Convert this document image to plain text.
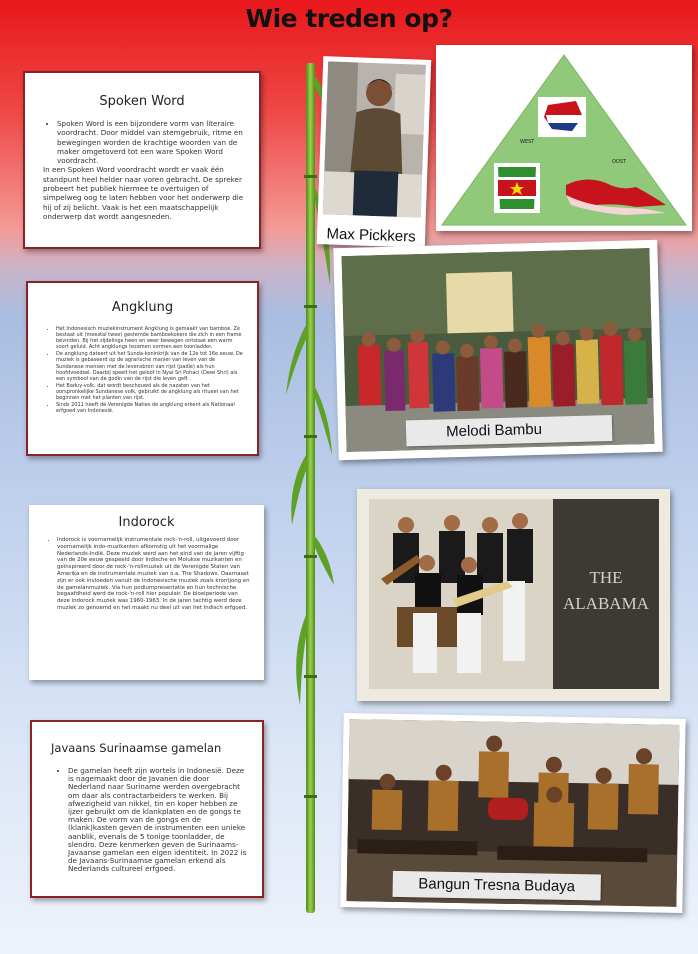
Wie treden op?
Spoken Word
• Spoken Word is een bijzondere vorm van literaire voordracht. Door middel van stemgebruik, ritme en bewegingen worden de krachtige woorden van de maker omgetoverd tot een ware Spoken Word voordracht.

In een Spoken Word voordracht wordt er vaak één standpunt heel helder naar voren gebracht. De spreker probeert het publiek hiermee te overtuigen of simpelweg oog te laten hebben voor het onderwerp die hij of zij belicht. Vaak is het een maatschappelijk onderwerp dat wordt aangesneden.

Angklung
• Het Indonesisch muziekinstrument Angklung is gemaakt van bamboe. Ze bestaat uit (meestal twee) gestemde bamboekokers die zich in een frame bevinden. Bij het zijdelings heen en weer bewegen ontstaat een warm soort geluid. Acht angklungs tezamen vormen een toonladder.
• De angklung dateert uit het Sunda-koninkrijk van de 12e tot 16e eeuw. De muziek is gebaseerd op de agrarische manier van leven van de Sundanese mensen met de levensbron van rijst (padie) als hun hoofdvoedsel. Daarbij speelt het geloof in Nyai Sri Pohaci (Dewi Shri) als een symbool van de godin van de rijst die leven geft .
• Het Baduy-volk, dat wordt beschouwd als de nazaten van het oorspronkelijke Sundanese volk, gebruikt de angklung als ritueel van het beginnen met het planten van rijst.
• Sinds 2011 heeft de Verenigde Naties de angklung erkent als Nationaal erfgoed van Indonesië.
Indorock
• Indorock is voornamelijk instrumentale rock-'n-roll, uitgevoerd door voornamelijk indo-muzikanten afkomstig uit het voormalige Nederlands-Indië. Deze muziek werd aan het eind van de jaren vijftig van de 20e eeuw gespeeld door Indische en Molukse muzikanten en geïnspireerd door de rock-'n-rollmuziek uit de Verenigde Staten van Amerika en de instrumentale muziek van o.a. The Shadows. Daarnaast zijn er ook invloeden vanuit de Indonesische muziek zoals krontjong en de gamelanmuziek. Via hun podiumpresentatie en hun technische begaafdheid werd de rock-'n-roll hier populair. De bloeiperiode van deze indorock muziek was 1960-1963. In de jaren tachtig werd deze muziek zo genoemd en het maakt nu deel uit van het Indisch erfgoed.
Javaans Surinaamse gamelan
• De gamelan heeft zijn wortels in Indonesië. Deze is nagemaakt door de Javanen die door Nederland naar Suriname werden overgebracht om daar als contractarbeiders te werken. Bij afwezigheid van nikkel, tin en koper hebben ze ijzer gebruikt om de klankplaten en de gongs te maken. De vorm van de gongs en de (klank)kasten geven de instrumenten een unieke aanblik, evenals de 5 tonige toonladder, de slendro. Deze kenmerken geven de Surinaams-Javaanse gamelan een eigen identiteit. In 2022 is de Javaans-Surinaamse gamelan erkend als Nederlands cultureel erfgoed.
Max Pickkers
WEST
OOST
Melodi Bambu
THE
ALABAMA
Bangun Tresna Budaya
